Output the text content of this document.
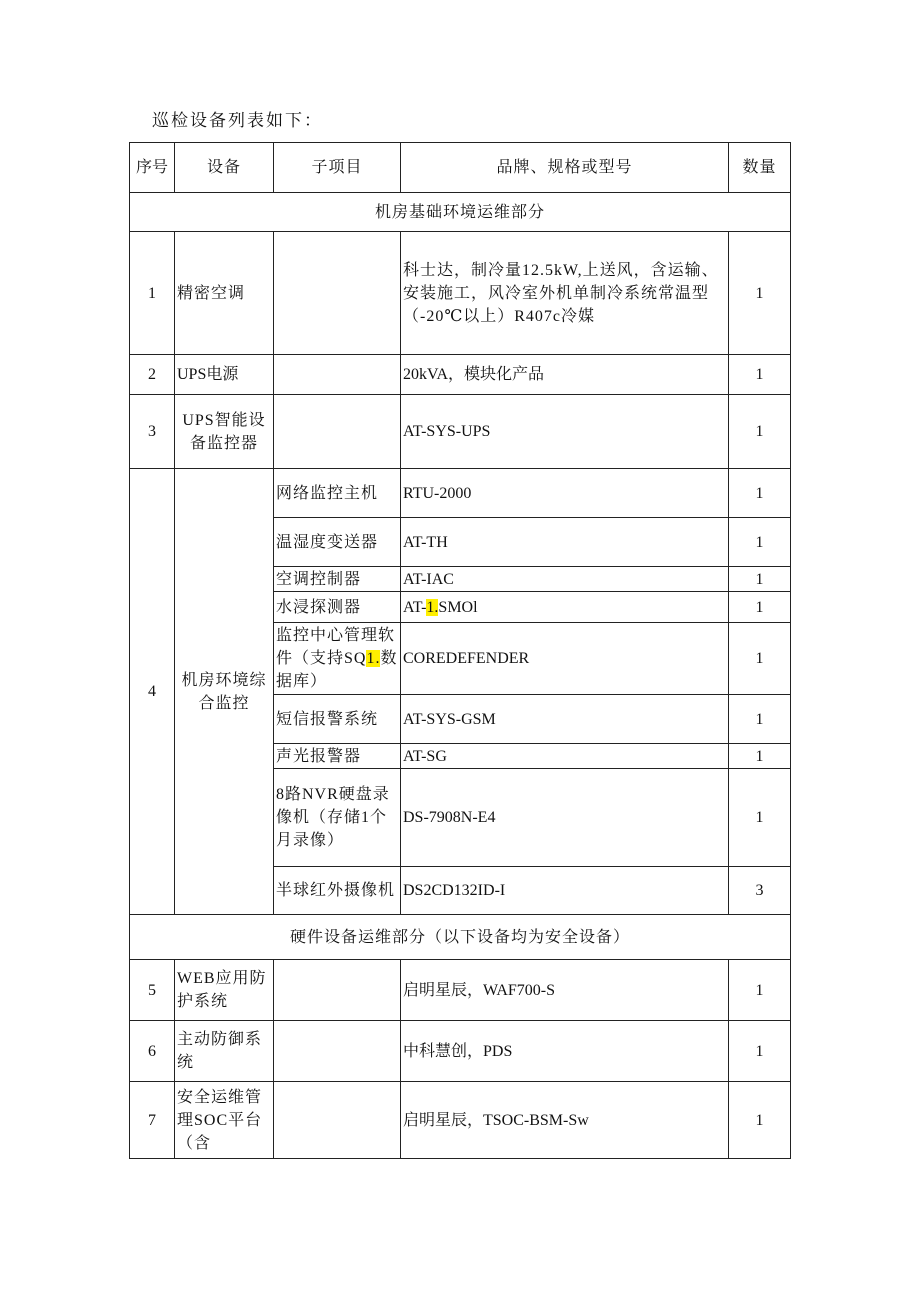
巡检设备列表如下：
序号	设备	子项目	品牌、规格或型号	数量
机房基础环境运维部分				
1	精密空调		科士达，制冷量12.5kW,上送风，含运输、安装施工，风冷室外机单制冷系统常温型（-20℃以上）R407c冷媒	1
2	UPS电源		20kVA，模块化产品	1
3	UPS智能设备监控器		AT-SYS-UPS	1
4	机房环境综合监控	网络监控主机	RTU-2000	1
		温湿度变送器	AT-TH	1
		空调控制器	AT-IAC	1
		水浸探测器	AT-1.SMOl	1
		监控中心管理软件（支持SQ1.数据库）	COREDEFENDER	1
		短信报警系统	AT-SYS-GSM	1
		声光报警器	AT-SG	1
		8路NVR硬盘录像机（存储1个月录像）	DS-7908N-E4	1
		半球红外摄像机	DS2CD132ID-I	3
硬件设备运维部分（以下设备均为安全设备）				
5	WEB应用防护系统		启明星辰，WAF700-S	1
6	主动防御系统		中科慧创，PDS	1
7	安全运维管理SOC平台（含		启明星辰，TSOC-BSM-Sw	1
